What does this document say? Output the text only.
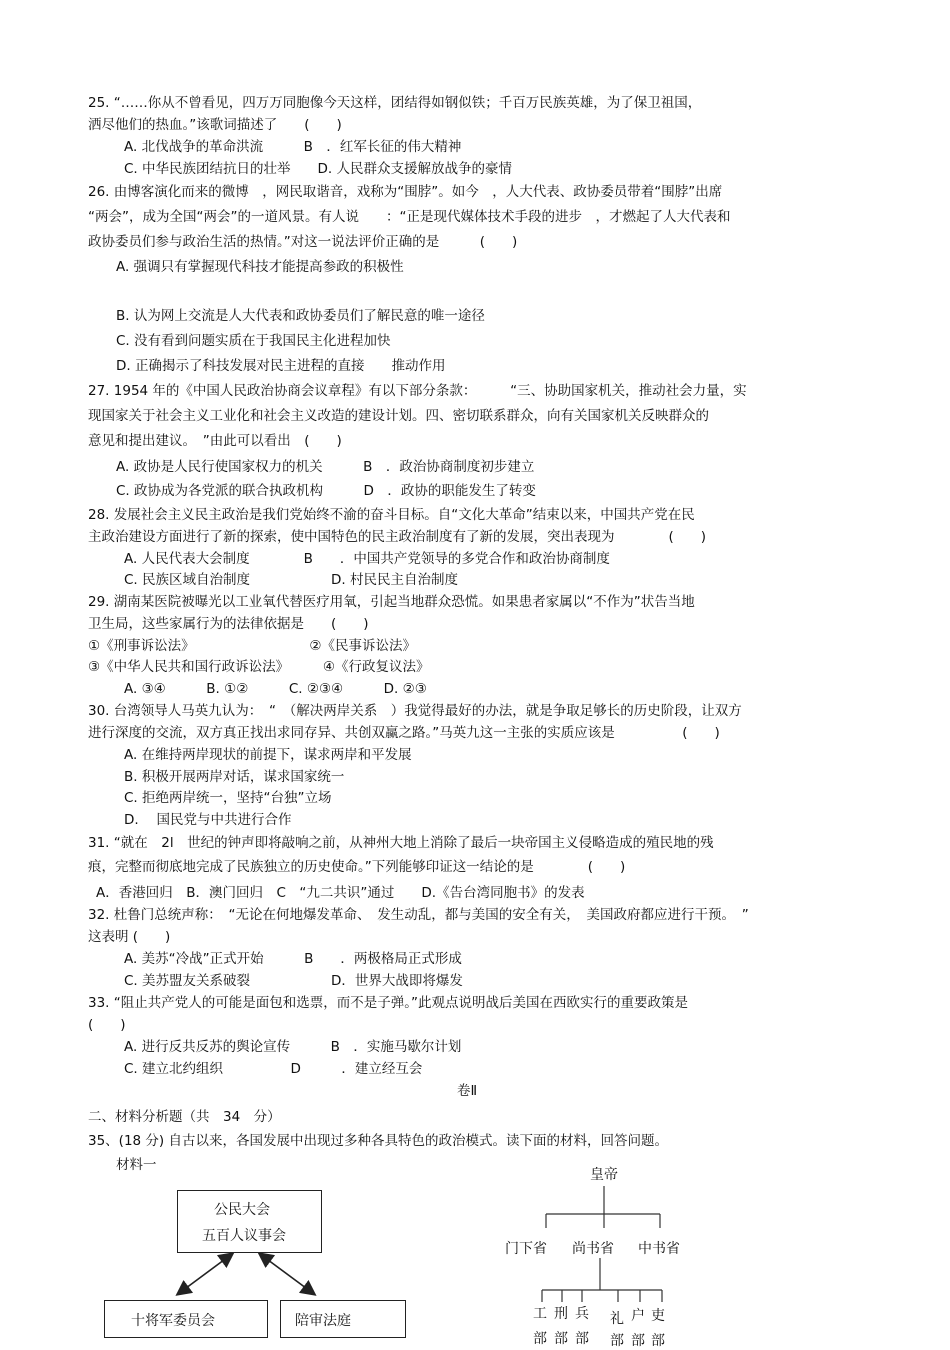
25. “……你从不曾看见，四万万同胞像今天这样，团结得如钢似铁；千百万民族英雄，为了保卫祖国，
洒尽他们的热血。”该歌词描述了　　(　　)
A. 北伐战争的革命洪流　　　B　．红军长征的伟大精神
C. 中华民族团结抗日的壮举　　D. 人民群众支援解放战争的豪情
26. 由博客演化而来的微博　，网民取谐音，戏称为“围脖”。如今　，人大代表、政协委员带着“围脖”出席
“两会”，成为全国“两会”的一道风景。有人说　　：“正是现代媒体技术手段的进步　，才燃起了人大代表和
政协委员们参与政治生活的热情。”对这一说法评价正确的是　　　(　　)
A. 强调只有掌握现代科技才能提高参政的积极性
B. 认为网上交流是人大代表和政协委员们了解民意的唯一途径
C. 没有看到问题实质在于我国民主化进程加快
D. 正确揭示了科技发展对民主进程的直接　　推动作用
27. 1954 年的《中国人民政治协商会议章程》有以下部分条款：　　　“三、协助国家机关，推动社会力量，实
现国家关于社会主义工业化和社会主义改造的建设计划。四、密切联系群众，向有关国家机关反映群众的
意见和提出建议。　”由此可以看出　(　　)
A. 政协是人民行使国家权力的机关　　　B　．政治协商制度初步建立
C. 政协成为各党派的联合执政机构　　　D　．政协的职能发生了转变
28. 发展社会主义民主政治是我们党始终不渝的奋斗目标。自“文化大革命”结束以来，中国共产党在民
主政治建设方面进行了新的探索，使中国特色的民主政治制度有了新的发展，突出表现为　　　　(　　)
A. 人民代表大会制度　　　　B　　．中国共产党领导的多党合作和政治协商制度
C. 民族区域自治制度　　　　　　D. 村民民主自治制度
29. 湖南某医院被曝光以工业氧代替医疗用氧，引起当地群众恐慌。如果患者家属以“不作为”状告当地
卫生局，这些家属行为的法律依据是　　(　　)
①《刑事诉讼法》　　　　　　　　　②《民事诉讼法》
③《中华人民共和国行政诉讼法》　　　④《行政复议法》
A. ③④　　　B. ①②　　　C. ②③④　　　D. ②③
30. 台湾领导人马英九认为：　“　（解决两岸关系　）我觉得最好的办法，就是争取足够长的历史阶段，让双方
进行深度的交流，双方真正找出求同存异、共创双赢之路。”马英九这一主张的实质应该是　　　　　(　　)
A. 在维持两岸现状的前提下，谋求两岸和平发展
B. 积极开展两岸对话，谋求国家统一
C. 拒绝两岸统一，坚持“台独”立场
D. 　国民党与中共进行合作
31. “就在　2l　世纪的钟声即将敲响之前，从神州大地上消除了最后一块帝国主义侵略造成的殖民地的残
痕，完整而彻底地完成了民族独立的历史使命。”下列能够印证这一结论的是　　　　(　　)
A．香港回归　B．澳门回归　C　“九二共识”通过　　D.《告台湾同胞书》的发表
32. 杜鲁门总统声称：　“无论在何地爆发革命、　发生动乱，都与美国的安全有关，　美国政府都应进行干预。　”
这表明 (　　)
A. 美苏“冷战”正式开始　　　B　　．两极格局正式形成
C. 美苏盟友关系破裂　　　　　　D．世界大战即将爆发
33. “阻止共产党人的可能是面包和选票，而不是子弹。”此观点说明战后美国在西欧实行的重要政策是
(　　)
A. 进行反共反苏的舆论宣传　　　B　．实施马歇尔计划
C. 建立北约组织　　　　　D　　　．建立经互会
卷Ⅱ
二、材料分析题（共　34　分）
35、(18 分) 自古以来，各国发展中出现过多种各具特色的政治模式。读下面的材料，回答问题。
材料一
公民大会
五百人议事会
十将军委员会	陪审法庭
皇帝
门下省 尚书省 中书省
工
部
刑
部
兵
部
礼
部
户
部
吏
部
